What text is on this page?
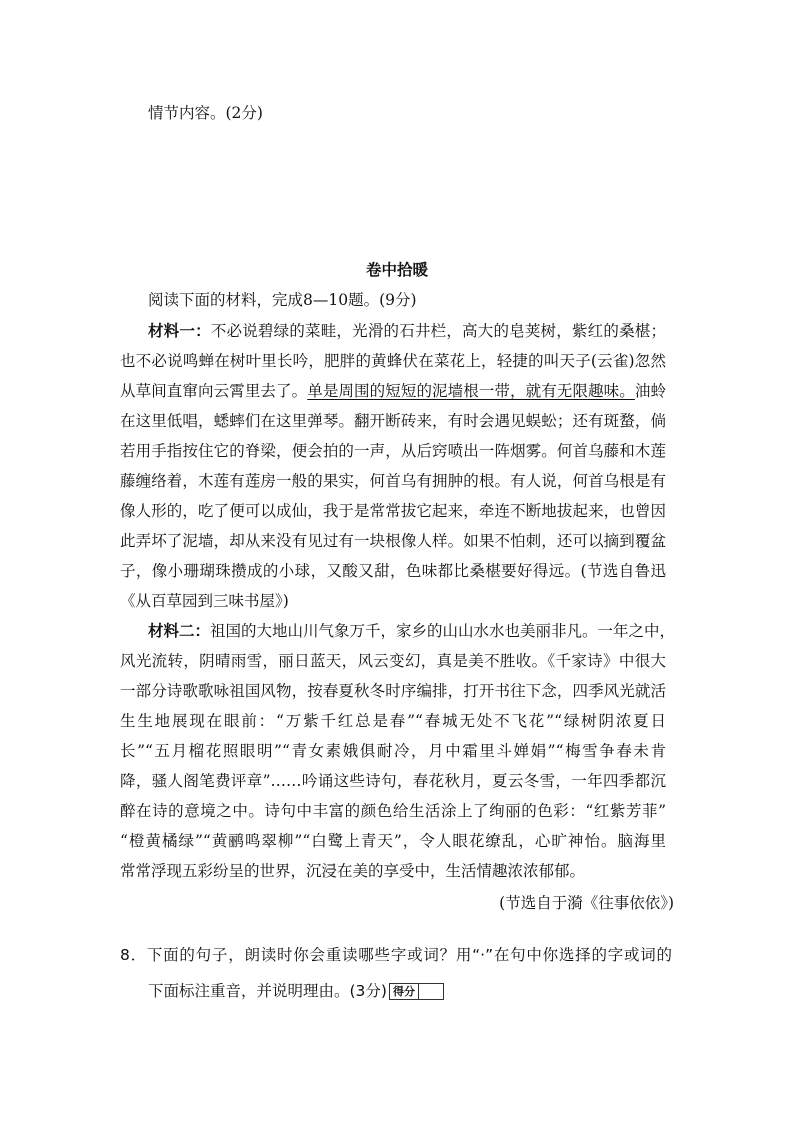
情节内容。(2分)
卷中拾暖
阅读下面的材料，完成8—10题。(9分)
材料一：不必说碧绿的菜畦，光滑的石井栏，高大的皂荚树，紫红的桑椹；
也不必说鸣蝉在树叶里长吟，肥胖的黄蜂伏在菜花上，轻捷的叫天子(云雀)忽然
从草间直窜向云霄里去了。单是周围的短短的泥墙根一带，就有无限趣味。油蛉
在这里低唱，蟋蟀们在这里弹琴。翻开断砖来，有时会遇见蜈蚣；还有斑蝥，倘
若用手指按住它的脊梁，便会拍的一声，从后窍喷出一阵烟雾。何首乌藤和木莲
藤缠络着，木莲有莲房一般的果实，何首乌有拥肿的根。有人说，何首乌根是有
像人形的，吃了便可以成仙，我于是常常拔它起来，牵连不断地拔起来，也曾因
此弄坏了泥墙，却从来没有见过有一块根像人样。如果不怕刺，还可以摘到覆盆
子，像小珊瑚珠攒成的小球，又酸又甜，色味都比桑椹要好得远。(节选自鲁迅
《从百草园到三味书屋》)
材料二：祖国的大地山川气象万千，家乡的山山水水也美丽非凡。一年之中，
风光流转，阴晴雨雪，丽日蓝天，风云变幻，真是美不胜收。《千家诗》中很大
一部分诗歌歌咏祖国风物，按春夏秋冬时序编排，打开书往下念，四季风光就活
生生地展现在眼前：“万紫千红总是春”“春城无处不飞花”“绿树阴浓夏日
长”“五月榴花照眼明”“青女素娥俱耐冷，月中霜里斗婵娟”“梅雪争春未肯
降，骚人阁笔费评章”……吟诵这些诗句，春花秋月，夏云冬雪，一年四季都沉
醉在诗的意境之中。诗句中丰富的颜色给生活涂上了绚丽的色彩：“红紫芳菲”
“橙黄橘绿”“黄鹂鸣翠柳”“白鹭上青天”，令人眼花缭乱，心旷神怡。脑海里
常常浮现五彩纷呈的世界，沉浸在美的享受中，生活情趣浓浓郁郁。
(节选自于漪《往事依依》)
8．下面的句子，朗读时你会重读哪些字或词？用“·”在句中你选择的字或词的
下面标注重音，并说明理由。(3分) 得分
